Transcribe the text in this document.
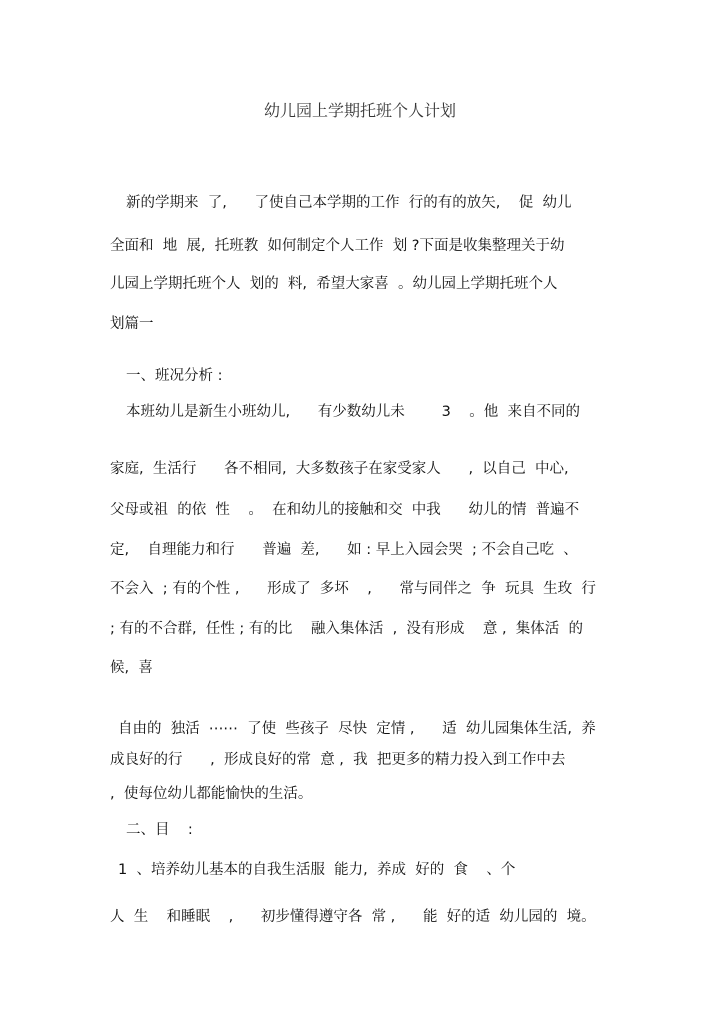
幼儿园上学期托班个人计划
新的学期来  了,      了使自己本学期的工作  行的有的放矢,    促  幼儿
全面和  地  展,  托班教  如何制定个人工作  划 ?下面是收集整理关于幼
儿园上学期托班个人  划的  料,  希望大家喜  。幼儿园上学期托班个人
划篇一
一、班况分析 :
本班幼儿是新生小班幼儿,      有少数幼儿未        3    。他  来自不同的
家庭,  生活行      各不相同,  大多数孩子在家受家人      ,  以自己  中心,
父母或祖  的依  性    。  在和幼儿的接触和交  中我      幼儿的情  普遍不
定,    自理能力和行      普遍  差,      如 : 早上入园会哭  ; 不会自己吃  、
不会入  ; 有的个性 ,      形成了  多坏    ,      常与同伴之  争  玩具  生玫  行
; 有的不合群,  任性 ; 有的比    融入集体活  ,  没有形成    意 ,  集体活  的
候,  喜
自由的  独活  ⋯⋯  了使  些孩子  尽快  定情 ,      适  幼儿园集体生活,  养
成良好的行      ,  形成良好的常  意 ,  我  把更多的精力投入到工作中去
,  使每位幼儿都能愉快的生活。
二、目    :
1  、培养幼儿基本的自我生活服  能力,  养成  好的  食    、个
人  生    和睡眠    ,      初步懂得遵守各  常 ,      能  好的适  幼儿园的  境。
